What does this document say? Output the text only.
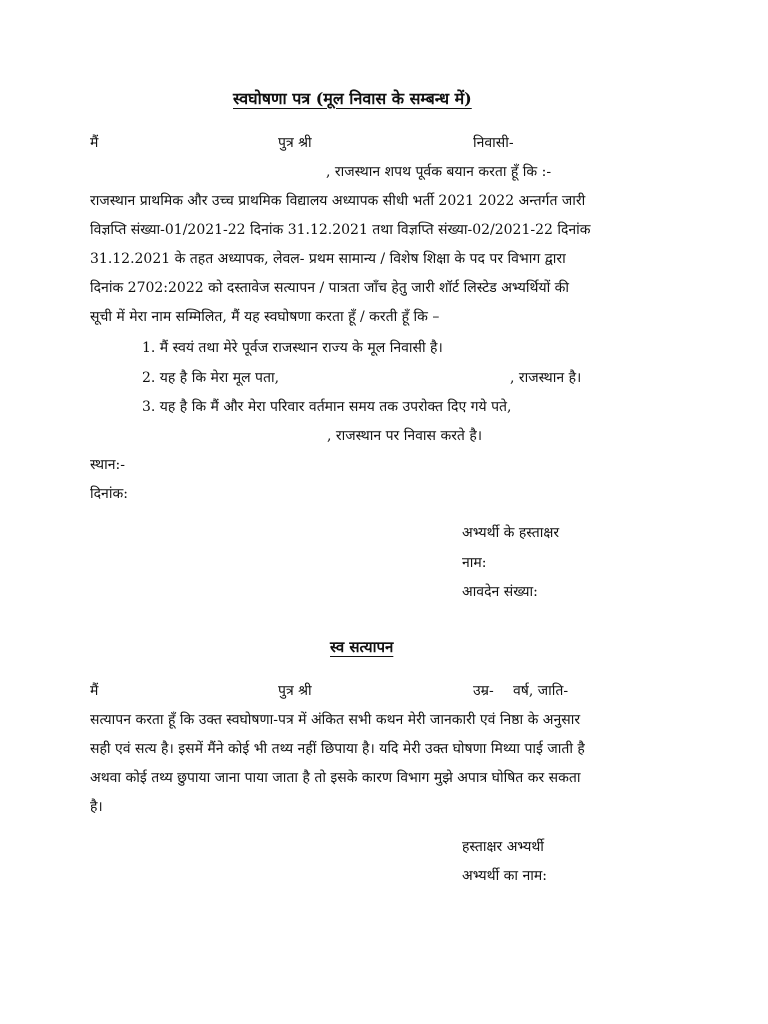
स्वघोषणा पत्र (मूल निवास के सम्बन्ध में)
मैं	पुत्र श्री	निवासी-
, राजस्थान शपथ पूर्वक बयान करता हूँ कि :-
राजस्थान प्राथमिक और उच्च प्राथमिक विद्यालय अध्यापक सीधी भर्ती 2021 2022 अन्तर्गत जारी
विज्ञप्ति संख्या-01/2021-22 दिनांक 31.12.2021 तथा विज्ञप्ति संख्या-02/2021-22 दिनांक
31.12.2021 के तहत अध्यापक, लेवल- प्रथम सामान्य / विशेष शिक्षा के पद पर विभाग द्वारा
दिनांक 2702:2022 को दस्तावेज सत्यापन / पात्रता जाँच हेतु जारी शॉर्ट लिस्टेड अभ्यर्थियों की
सूची में मेरा नाम सम्मिलित, मैं यह स्वघोषणा करता हूँ / करती हूँ कि –
1. मैं स्वयं तथा मेरे पूर्वज राजस्थान राज्य के मूल निवासी है।
2. यह है कि मेरा मूल पता,	, राजस्थान है।
3. यह है कि मैं और मेरा परिवार वर्तमान समय तक उपरोक्त दिए गये पते,
, राजस्थान पर निवास करते है।
स्थान:-
दिनांक:
अभ्यर्थी के हस्ताक्षर
नाम:
आवदेन संख्या:
स्व सत्यापन
मैं	पुत्र श्री	उम्र- वर्ष, जाति-
सत्यापन करता हूँ कि उक्त स्वघोषणा-पत्र में अंकित सभी कथन मेरी जानकारी एवं निष्ठा के अनुसार
सही एवं सत्य है। इसमें मैंने कोई भी तथ्य नहीं छिपाया है। यदि मेरी उक्त घोषणा मिथ्या पाई जाती है
अथवा कोई तथ्य छुपाया जाना पाया जाता है तो इसके कारण विभाग मुझे अपात्र घोषित कर सकता
है।
हस्ताक्षर अभ्यर्थी
अभ्यर्थी का नाम:
